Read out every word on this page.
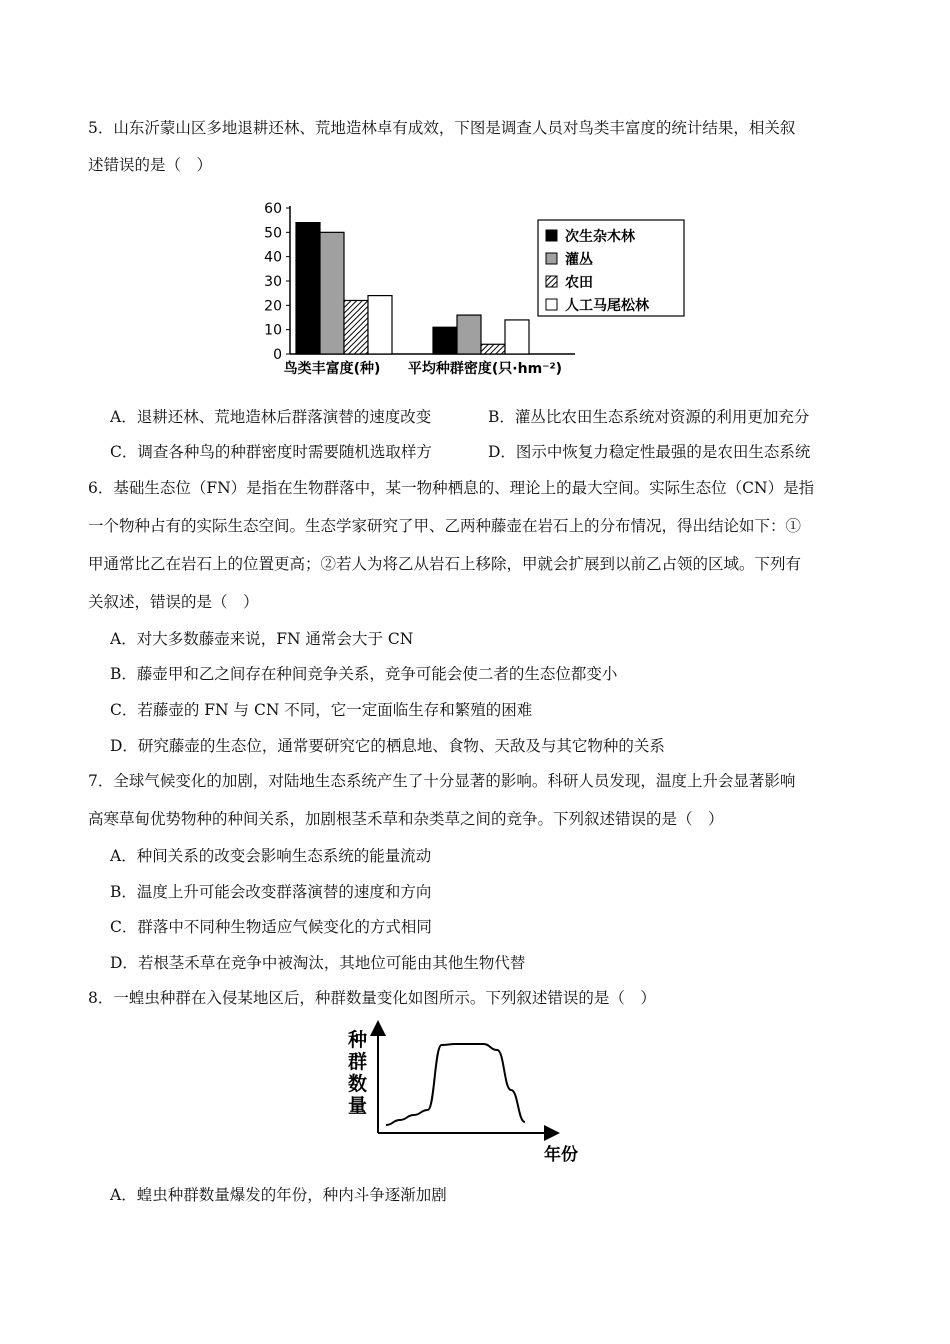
5．山东沂蒙山区多地退耕还林、荒地造林卓有成效，下图是调查人员对鸟类丰富度的统计结果，相关叙
述错误的是（　）
0
10
20
30
40
50
60
鸟类丰富度(种) 平均种群密度(只·hm⁻²)
次生杂木林
灌丛
农田
人工马尾松林
A．退耕还林、荒地造林后群落演替的速度改变	B．灌丛比农田生态系统对资源的利用更加充分
C．调查各种鸟的种群密度时需要随机选取样方	D．图示中恢复力稳定性最强的是农田生态系统
6．基础生态位（FN）是指在生物群落中，某一物种栖息的、理论上的最大空间。实际生态位（CN）是指
一个物种占有的实际生态空间。生态学家研究了甲、乙两种藤壶在岩石上的分布情况，得出结论如下：①
甲通常比乙在岩石上的位置更高；②若人为将乙从岩石上移除，甲就会扩展到以前乙占领的区域。下列有
关叙述，错误的是（　）
A．对大多数藤壶来说，FN 通常会大于 CN
B．藤壶甲和乙之间存在种间竞争关系，竞争可能会使二者的生态位都变小
C．若藤壶的 FN 与 CN 不同，它一定面临生存和繁殖的困难
D．研究藤壶的生态位，通常要研究它的栖息地、食物、天敌及与其它物种的关系
7．全球气候变化的加剧，对陆地生态系统产生了十分显著的影响。科研人员发现，温度上升会显著影响
高寒草甸优势物种的种间关系，加剧根茎禾草和杂类草之间的竞争。下列叙述错误的是（　）
A．种间关系的改变会影响生态系统的能量流动
B．温度上升可能会改变群落演替的速度和方向
C．群落中不同种生物适应气候变化的方式相同
D．若根茎禾草在竞争中被淘汰，其地位可能由其他生物代替
8．一蝗虫种群在入侵某地区后，种群数量变化如图所示。下列叙述错误的是（　）
种
群
数
量
年份
A．蝗虫种群数量爆发的年份，种内斗争逐渐加剧
